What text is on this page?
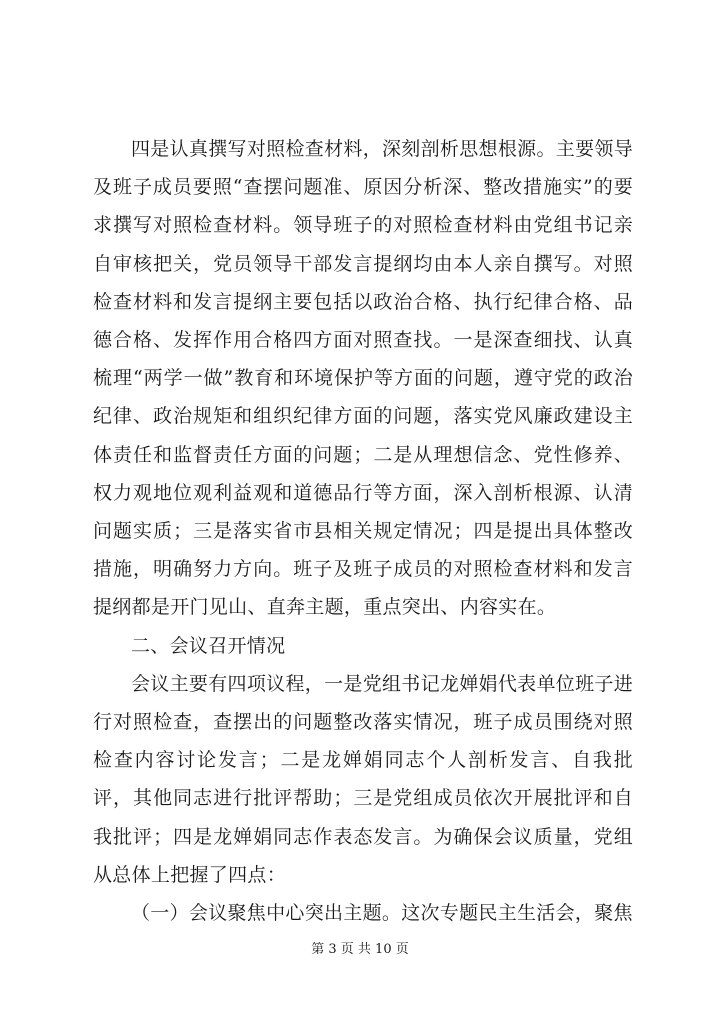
四是认真撰写对照检查材料，深刻剖析思想根源。主要领导及班子成员要照“查摆问题准、原因分析深、整改措施实”的要求撰写对照检查材料。领导班子的对照检查材料由党组书记亲自审核把关，党员领导干部发言提纲均由本人亲自撰写。对照检查材料和发言提纲主要包括以政治合格、执行纪律合格、品德合格、发挥作用合格四方面对照查找。一是深查细找、认真梳理“两学一做”教育和环境保护等方面的问题，遵守党的政治纪律、政治规矩和组织纪律方面的问题，落实党风廉政建设主体责任和监督责任方面的问题；二是从理想信念、党性修养、权力观地位观利益观和道德品行等方面，深入剖析根源、认清问题实质；三是落实省市县相关规定情况；四是提出具体整改措施，明确努力方向。班子及班子成员的对照检查材料和发言提纲都是开门见山、直奔主题，重点突出、内容实在。

二、会议召开情况

会议主要有四项议程，一是党组书记龙婵娟代表单位班子进行对照检查，查摆出的问题整改落实情况，班子成员围绕对照检查内容讨论发言；二是龙婵娟同志个人剖析发言、自我批评，其他同志进行批评帮助；三是党组成员依次开展批评和自我批评；四是龙婵娟同志作表态发言。为确保会议质量，党组从总体上把握了四点：

（一）会议聚焦中心突出主题。这次专题民主生活会，聚焦

第 3 页 共 10 页
